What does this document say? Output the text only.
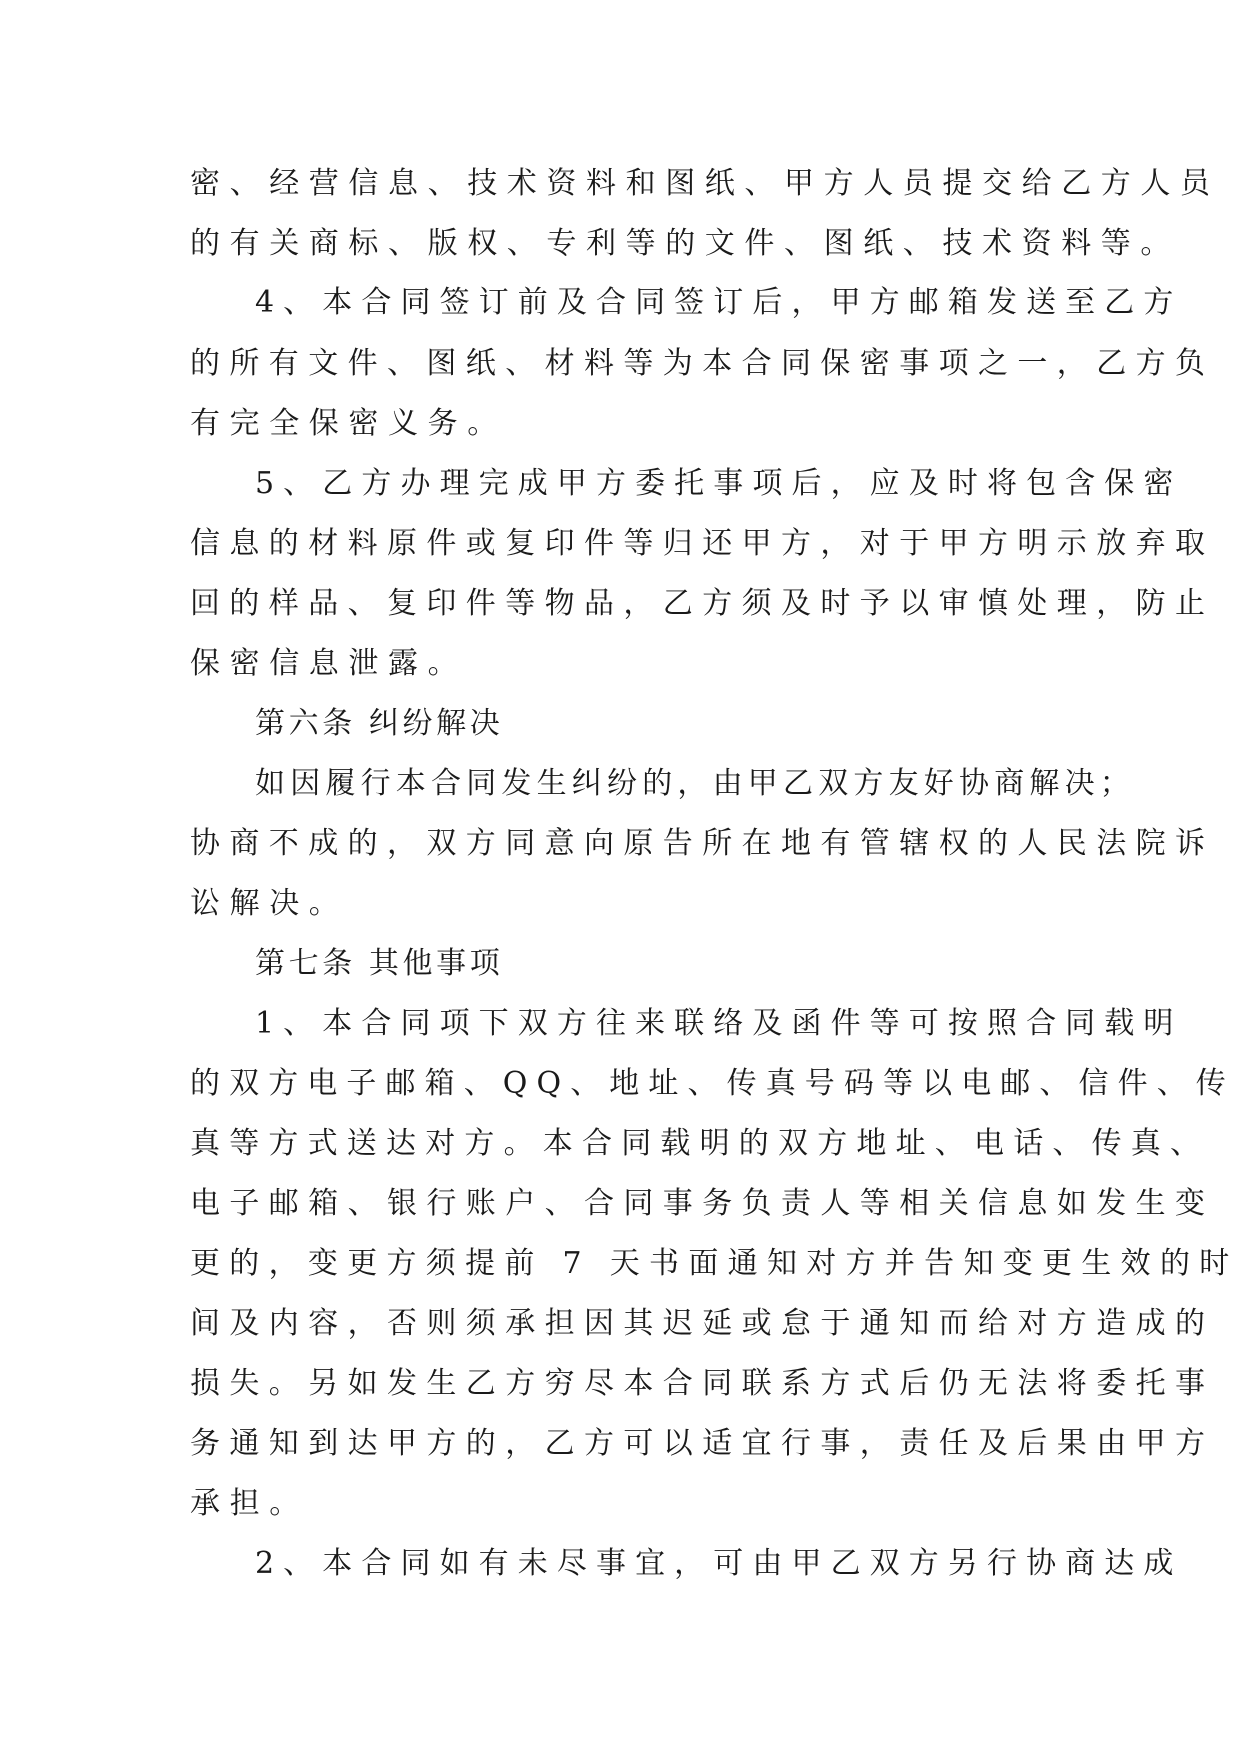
密、经营信息、技术资料和图纸、甲方人员提交给乙方人员
的有关商标、版权、专利等的文件、图纸、技术资料等。
4、本合同签订前及合同签订后，甲方邮箱发送至乙方
的所有文件、图纸、材料等为本合同保密事项之一，乙方负
有完全保密义务。
5、乙方办理完成甲方委托事项后，应及时将包含保密
信息的材料原件或复印件等归还甲方，对于甲方明示放弃取
回的样品、复印件等物品，乙方须及时予以审慎处理，防止
保密信息泄露。
第六条 纠纷解决
如因履行本合同发生纠纷的，由甲乙双方友好协商解决；
协商不成的，双方同意向原告所在地有管辖权的人民法院诉
讼解决。
第七条 其他事项
1、本合同项下双方往来联络及函件等可按照合同载明
的双方电子邮箱、QQ、地址、传真号码等以电邮、信件、传
真等方式送达对方。本合同载明的双方地址、电话、传真、
电子邮箱、银行账户、合同事务负责人等相关信息如发生变
更的，变更方须提前 7 天书面通知对方并告知变更生效的时
间及内容，否则须承担因其迟延或怠于通知而给对方造成的
损失。另如发生乙方穷尽本合同联系方式后仍无法将委托事
务通知到达甲方的，乙方可以适宜行事，责任及后果由甲方
承担。
2、本合同如有未尽事宜，可由甲乙双方另行协商达成
